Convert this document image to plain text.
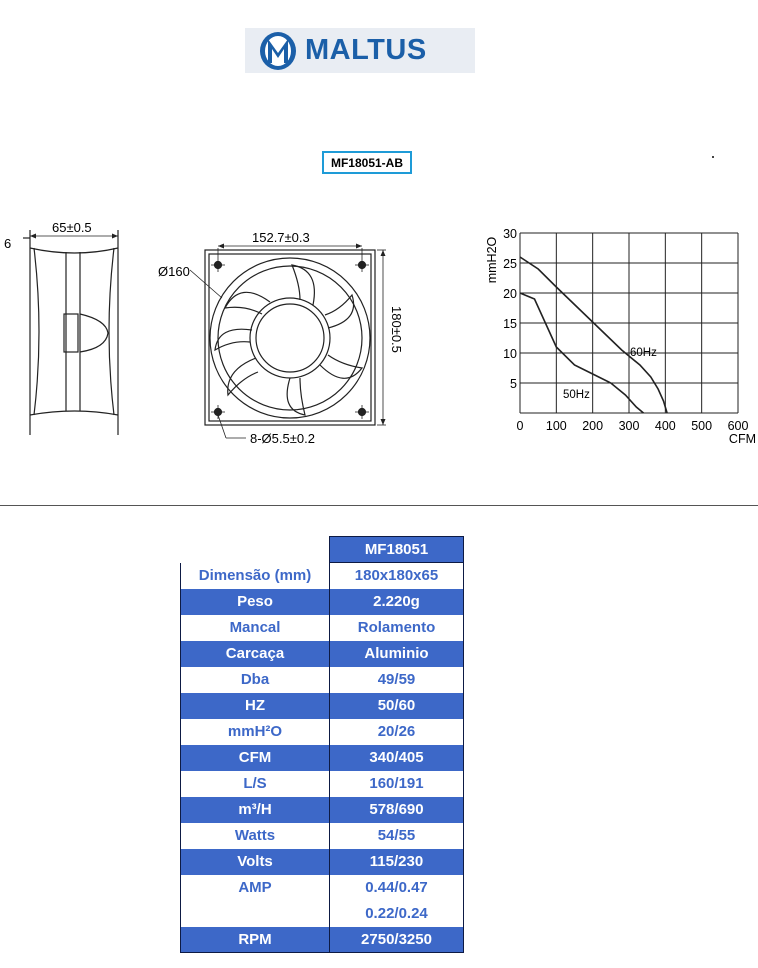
MALTUS
MF18051-AB
65±0.5
6	152.7±0.3
Ø160
180±0.5
8-Ø5.5±0.2
0 100 200 300 400 500 600
5
10
15
20
25
30
CFM
mmH2O
60Hz
50Hz
	MF18051
Dimensão (mm)	180x180x65
Peso	2.220g
Mancal	Rolamento
Carcaça	Aluminio
Dba	49/59
HZ	50/60
mmH²O	20/26
CFM	340/405
L/S	160/191
m³/H	578/690
Watts	54/55
Volts	115/230
AMP	0.44/0.47
	0.22/0.24
RPM	2750/3250
